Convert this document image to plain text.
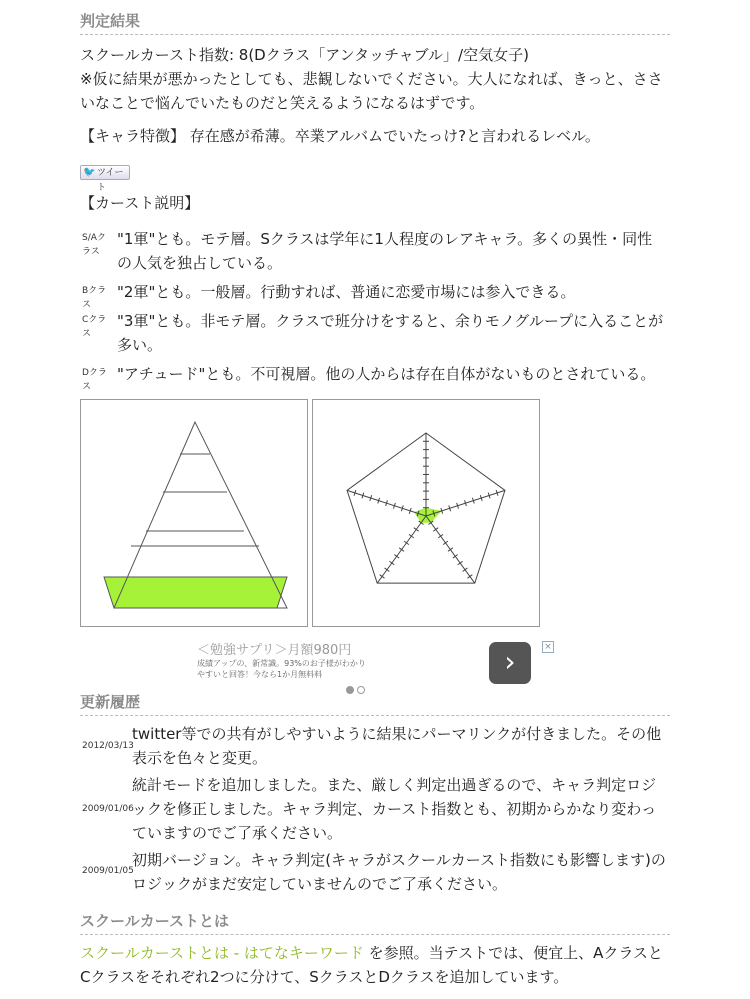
判定結果

スクールカースト指数: 8(Dクラス「アンタッチャブル」/空気女子)

※仮に結果が悪かったとしても、悲観しないでください。大人になれば、きっと、ささいなことで悩んでいたものだと笑えるようになるはずです。

【キャラ特徴】 存在感が希薄。卒業アルバムでいたっけ?と言われるレベル。

🐦 ツイート

【カースト説明】

S/Aクラス
"1軍"とも。モテ層。Sクラスは学年に1人程度のレアキャラ。多くの異性・同性の人気を独占している。
Bクラス
"2軍"とも。一般層。行動すれば、普通に恋愛市場には参入できる。
Cクラス
"3軍"とも。非モテ層。クラスで班分けをすると、余りモノグループに入ることが多い。
Dクラス
"アチュード"とも。不可視層。他の人からは存在自体がないものとされている。
＜勉強サプリ＞月額980円
成績アップの、新常識。93%のお子様がわかりやすいと回答！今なら1か月無料料	›	×
更新履歴
2012/03/13
twitter等での共有がしやすいように結果にパーマリンクが付きました。その他表示を色々と変更。
2009/01/06
統計モードを追加しました。また、厳しく判定出過ぎるので、キャラ判定ロジックを修正しました。キャラ判定、カースト指数とも、初期からかなり変わっていますのでご了承ください。
2009/01/05
初期バージョン。キャラ判定(キャラがスクールカースト指数にも影響します)のロジックがまだ安定していませんのでご了承ください。
スクールカーストとは

スクールカーストとは - はてなキーワード を参照。当テストでは、便宜上、AクラスとCクラスをそれぞれ2つに分けて、SクラスとDクラスを追加しています。
